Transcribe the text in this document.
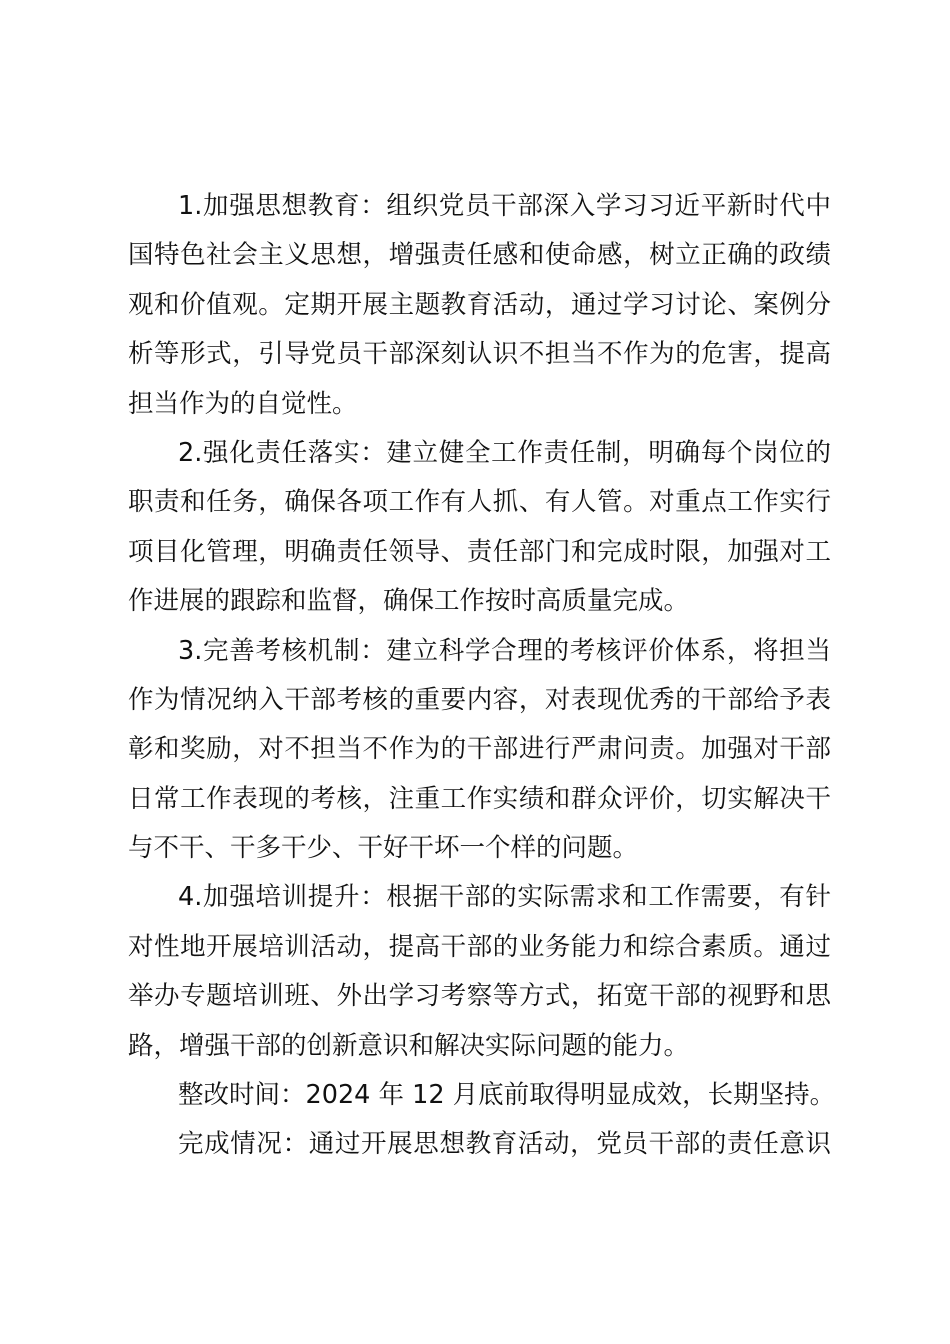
1.加强思想教育：组织党员干部深入学习习近平新时代中
国特色社会主义思想，增强责任感和使命感，树立正确的政绩
观和价值观。定期开展主题教育活动，通过学习讨论、案例分
析等形式，引导党员干部深刻认识不担当不作为的危害，提高
担当作为的自觉性。
2.强化责任落实：建立健全工作责任制，明确每个岗位的
职责和任务，确保各项工作有人抓、有人管。对重点工作实行
项目化管理，明确责任领导、责任部门和完成时限，加强对工
作进展的跟踪和监督，确保工作按时高质量完成。
3.完善考核机制：建立科学合理的考核评价体系，将担当
作为情况纳入干部考核的重要内容，对表现优秀的干部给予表
彰和奖励，对不担当不作为的干部进行严肃问责。加强对干部
日常工作表现的考核，注重工作实绩和群众评价，切实解决干
与不干、干多干少、干好干坏一个样的问题。
4.加强培训提升：根据干部的实际需求和工作需要，有针
对性地开展培训活动，提高干部的业务能力和综合素质。通过
举办专题培训班、外出学习考察等方式，拓宽干部的视野和思
路，增强干部的创新意识和解决实际问题的能力。
整改时间：2024 年 12 月底前取得明显成效，长期坚持。
完成情况：通过开展思想教育活动，党员干部的责任意识
